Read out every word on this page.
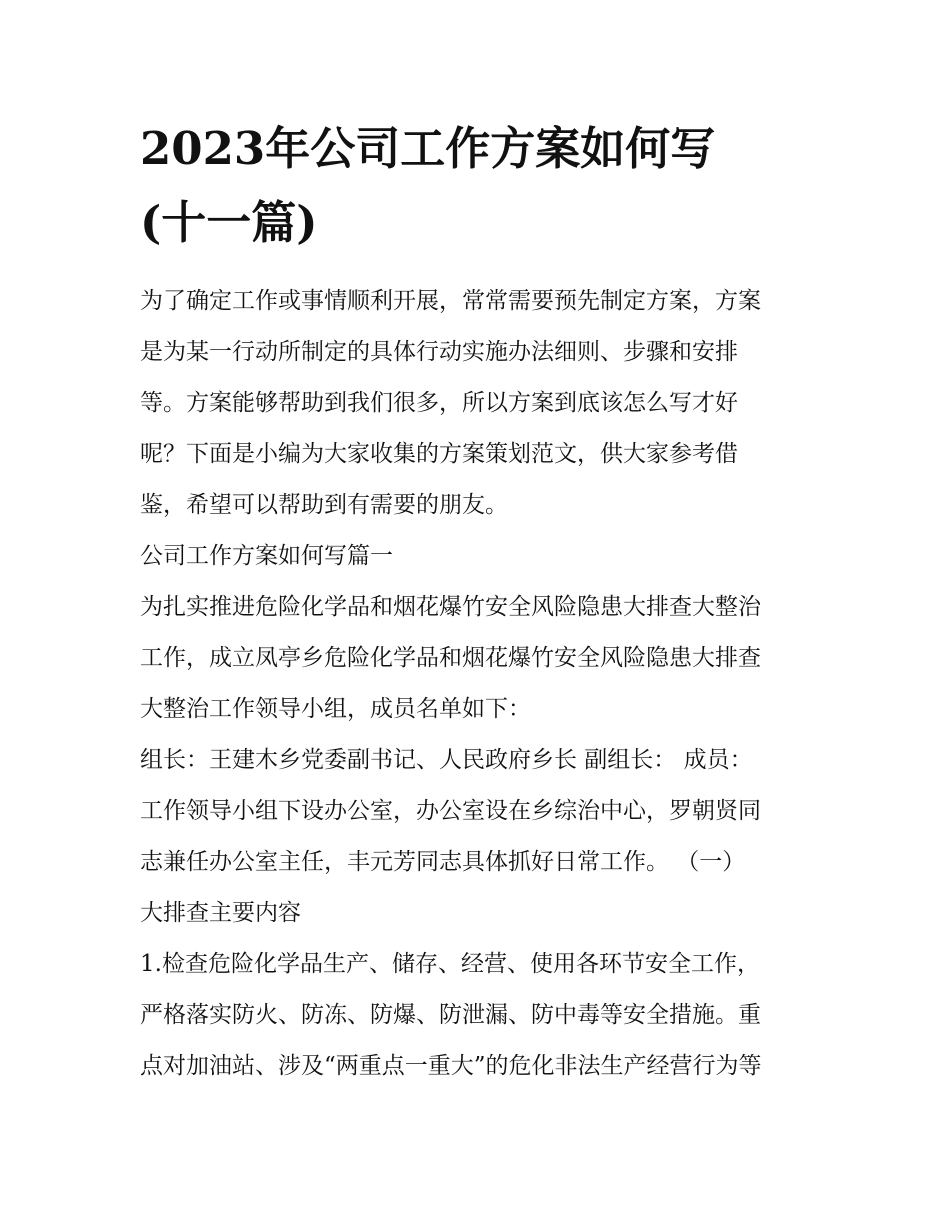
2023年公司工作方案如何写
(十一篇)
为了确定工作或事情顺利开展，常常需要预先制定方案，方案
是为某一行动所制定的具体行动实施办法细则、步骤和安排
等。方案能够帮助到我们很多，所以方案到底该怎么写才好
呢？下面是小编为大家收集的方案策划范文，供大家参考借
鉴，希望可以帮助到有需要的朋友。
公司工作方案如何写篇一
为扎实推进危险化学品和烟花爆竹安全风险隐患大排查大整治
工作，成立凤亭乡危险化学品和烟花爆竹安全风险隐患大排查
大整治工作领导小组，成员名单如下：
组长：王建木乡党委副书记、人民政府乡长 副组长： 成员：
工作领导小组下设办公室，办公室设在乡综治中心，罗朝贤同
志兼任办公室主任，丰元芳同志具体抓好日常工作。 （一）
大排查主要内容
1.检查危险化学品生产、储存、经营、使用各环节安全工作，
严格落实防火、防冻、防爆、防泄漏、防中毒等安全措施。重
点对加油站、涉及“两重点一重大”的危化非法生产经营行为等
